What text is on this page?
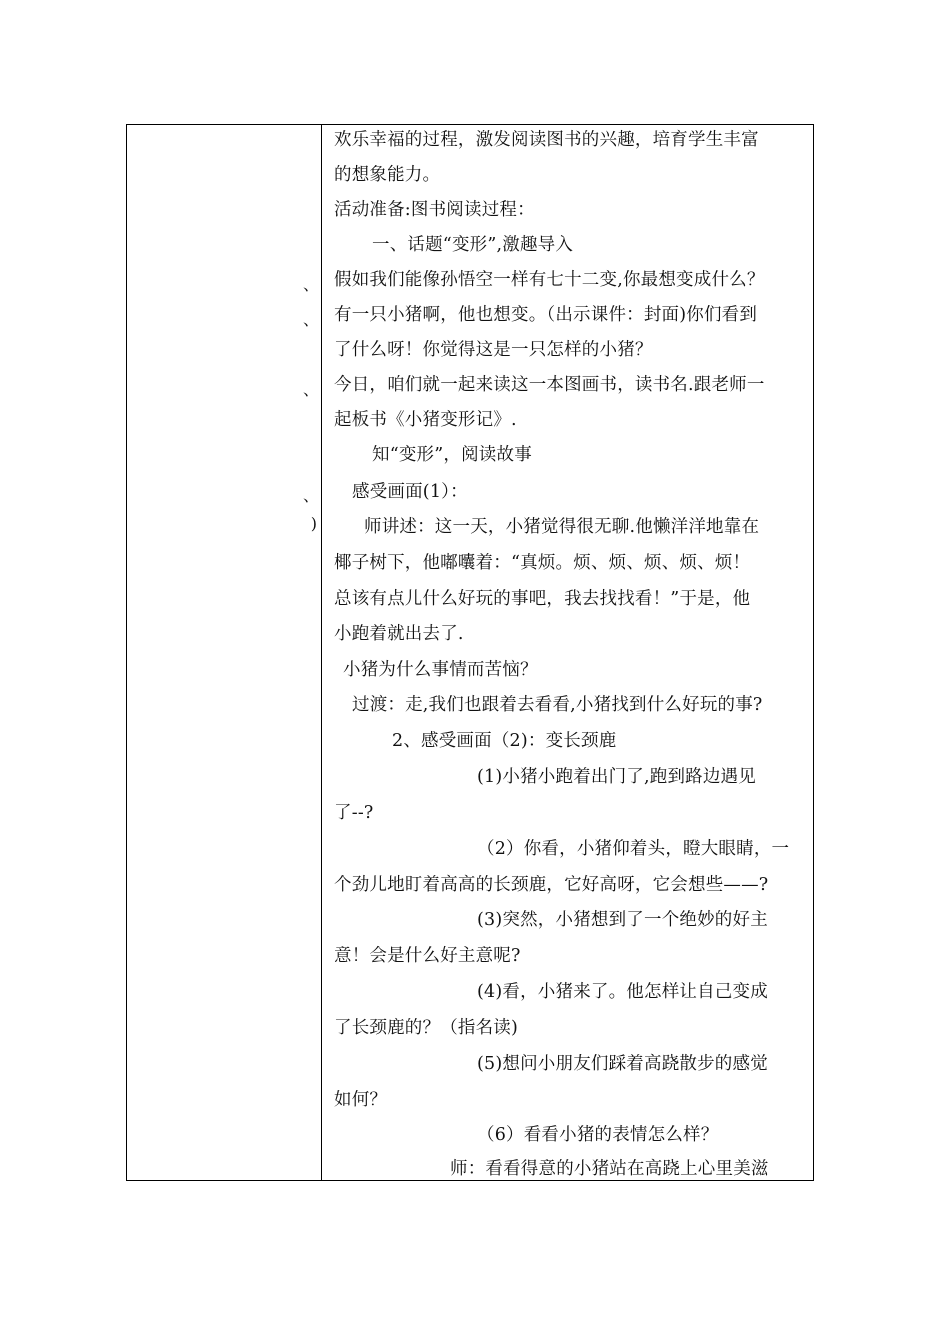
、
、
、
、
)
欢乐幸福的过程，激发阅读图书的兴趣，培育学生丰富
的想象能力。
活动准备:图书阅读过程：
一、话题“变形”,激趣导入
假如我们能像孙悟空一样有七十二变,你最想变成什么？
有一只小猪啊，他也想变。（出示课件：封面)你们看到
了什么呀！你觉得这是一只怎样的小猪？
今日，咱们就一起来读这一本图画书，读书名.跟老师一
起板书《小猪变形记》.
知“变形”，阅读故事
感受画面(1）：
师讲述：这一天，小猪觉得很无聊.他懒洋洋地靠在
椰子树下，他嘟囔着：“真烦。烦、烦、烦、烦、烦！
总该有点儿什么好玩的事吧，我去找找看！”于是，他
小跑着就出去了.
小猪为什么事情而苦恼？
过渡：走,我们也跟着去看看,小猪找到什么好玩的事?
2、感受画面（2)：变长颈鹿
(1)小猪小跑着出门了,跑到路边遇见
了--?
（2）你看，小猪仰着头，瞪大眼睛，一
个劲儿地盯着高高的长颈鹿，它好高呀，它会想些——?
(3)突然，小猪想到了一个绝妙的好主
意！会是什么好主意呢?
(4)看，小猪来了。他怎样让自己变成
了长颈鹿的？（指名读)
(5)想问小朋友们踩着高跷散步的感觉
如何？
（6）看看小猪的表情怎么样？
师：看看得意的小猪站在高跷上心里美滋
